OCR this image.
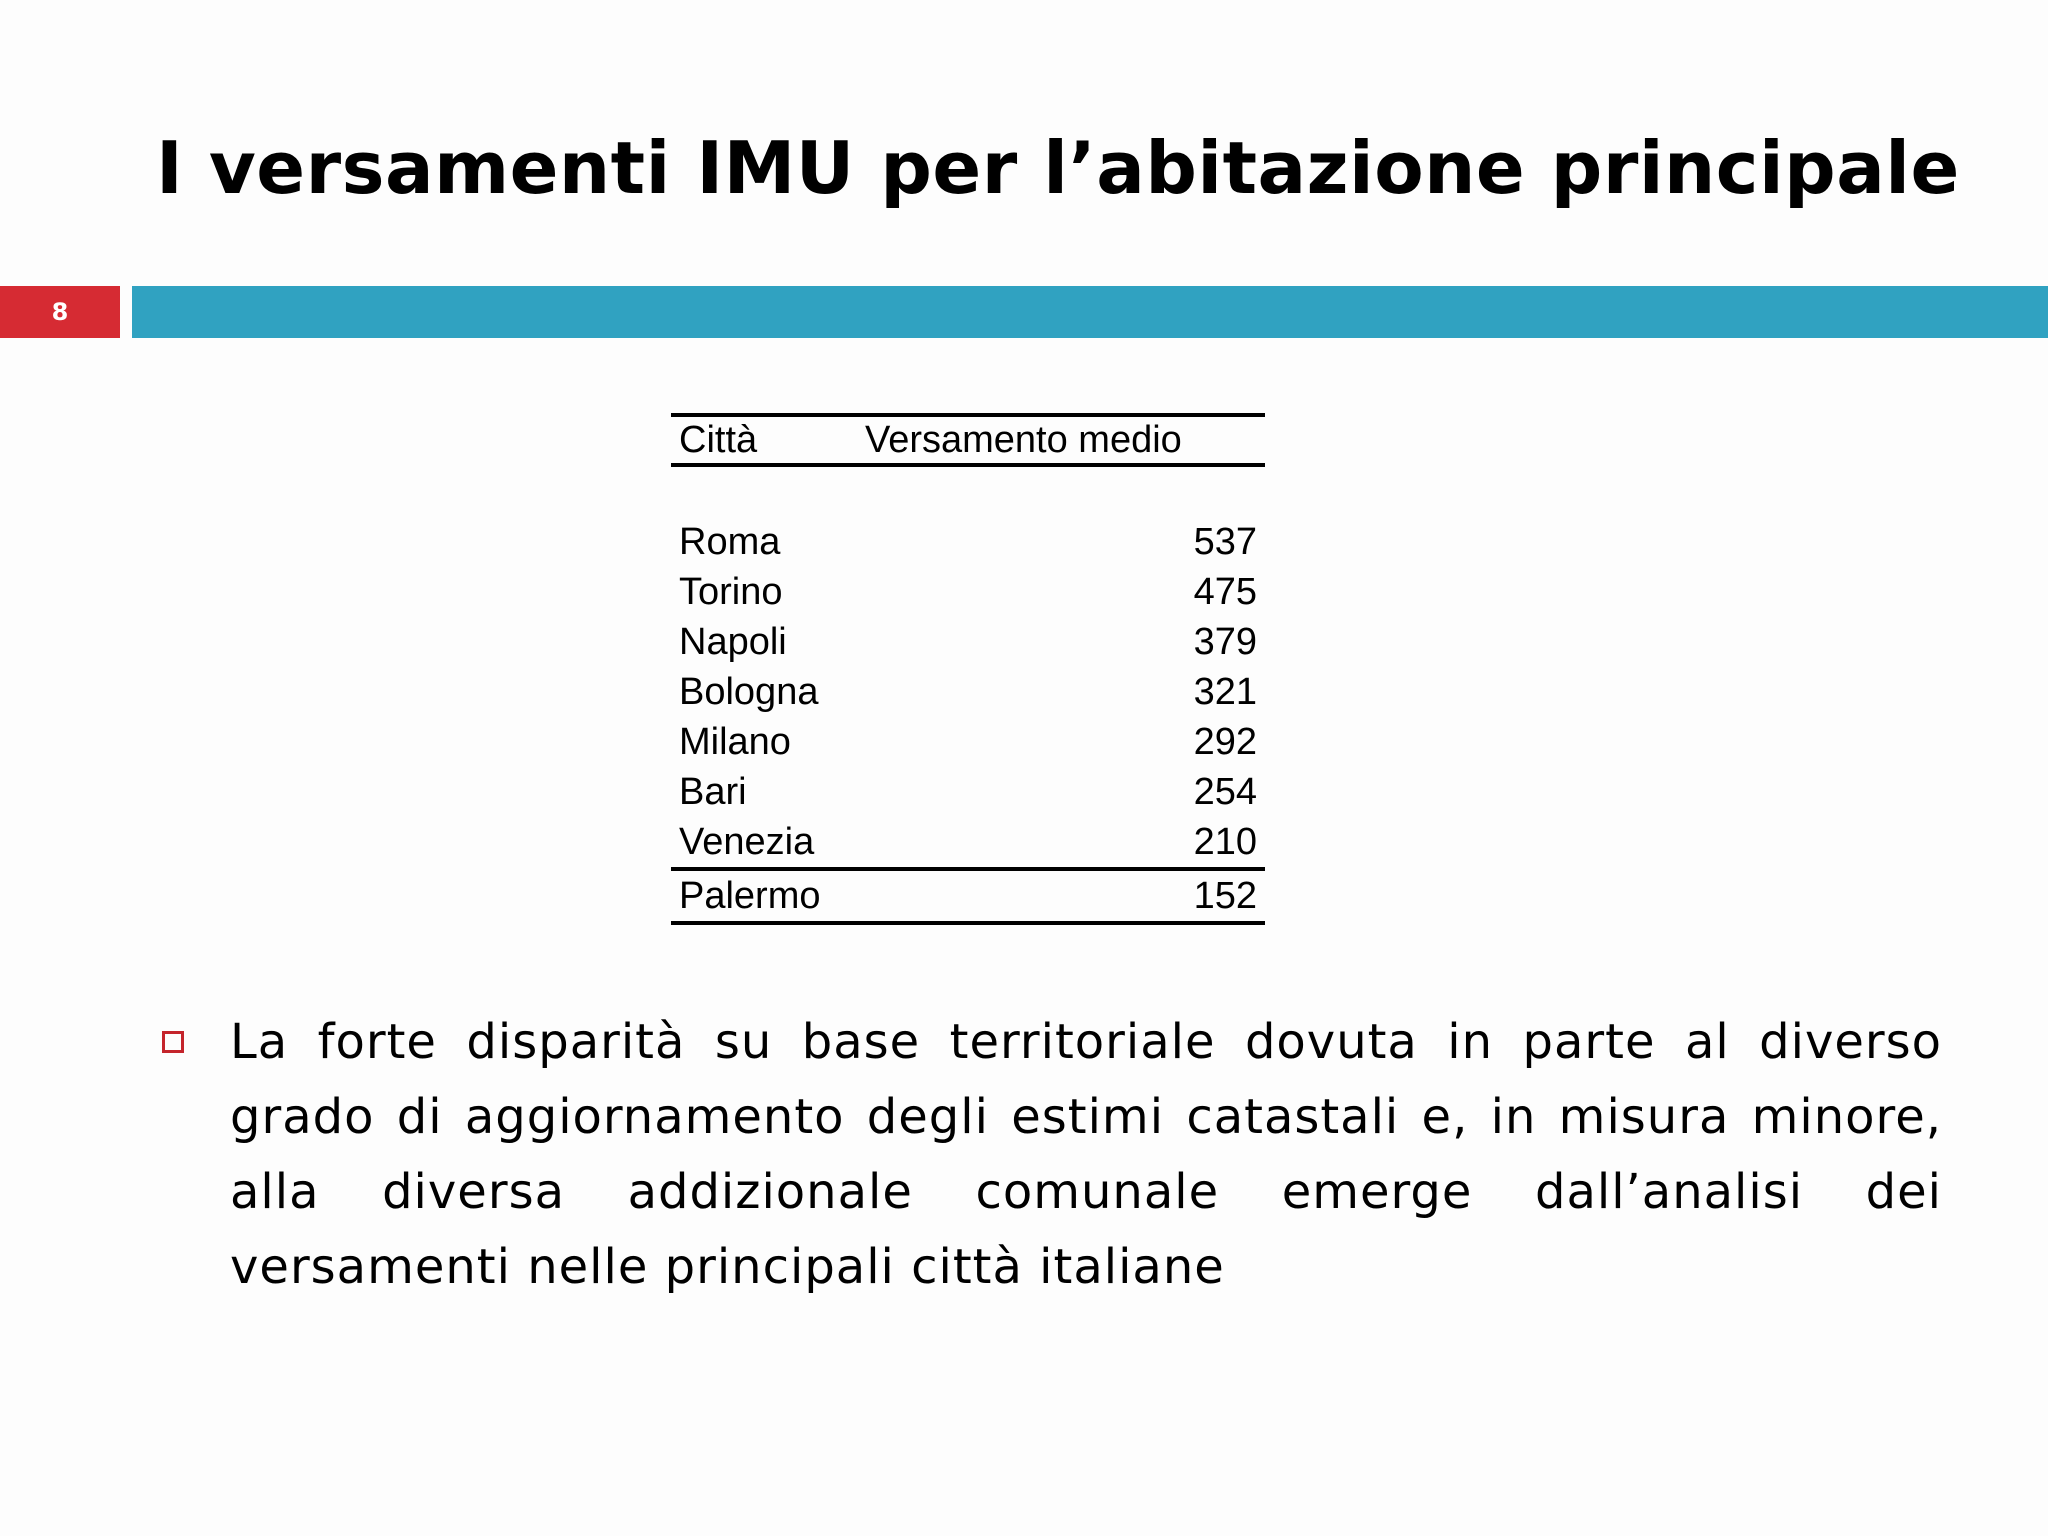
I versamenti IMU per l’abitazione principale
8
Città	Versamento medio

Roma	537
Torino	475
Napoli	379
Bologna	321
Milano	292
Bari	254
Venezia	210
Palermo	152
La forte disparità su base territoriale dovuta in parte al diverso grado di aggiornamento degli estimi catastali e, in misura minore, alla diversa addizionale comunale emerge dall’analisi dei versamenti nelle principali città italiane
